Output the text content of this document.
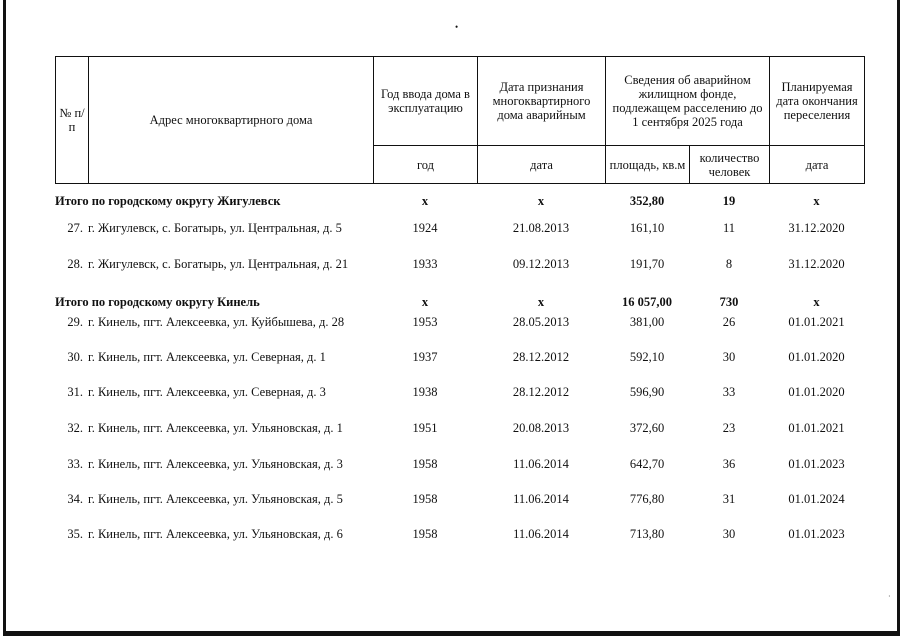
•
·
№ п/п	Адрес многоквартирного дома	Год ввода дома в эксплуатацию	Дата признания многоквартирного дома аварийным	Сведения об аварийном жилищном фонде, подлежащем расселению до 1 сентября 2025 года		Планируемая дата окончания переселения
		год	дата	площадь, кв.м	количество человек	дата
Итого по городскому округу Жигулевск	х	х	352,80	19	х
27. г. Жигулевск, с. Богатырь, ул. Центральная, д. 5	1924	21.08.2013	161,10	11	31.12.2020
28. г. Жигулевск, с. Богатырь, ул. Центральная, д. 21	1933	09.12.2013	191,70	8	31.12.2020
Итого по городскому округу Кинель	х	х	16 057,00	730	х
29. г. Кинель, пгт. Алексеевка, ул. Куйбышева, д. 28	1953	28.05.2013	381,00	26	01.01.2021
30. г. Кинель, пгт. Алексеевка, ул. Северная, д. 1	1937	28.12.2012	592,10	30	01.01.2020
31. г. Кинель, пгт. Алексеевка, ул. Северная, д. 3	1938	28.12.2012	596,90	33	01.01.2020
32. г. Кинель, пгт. Алексеевка, ул. Ульяновская, д. 1	1951	20.08.2013	372,60	23	01.01.2021
33. г. Кинель, пгт. Алексеевка, ул. Ульяновская, д. 3	1958	11.06.2014	642,70	36	01.01.2023
34. г. Кинель, пгт. Алексеевка, ул. Ульяновская, д. 5	1958	11.06.2014	776,80	31	01.01.2024
35. г. Кинель, пгт. Алексеевка, ул. Ульяновская, д. 6	1958	11.06.2014	713,80	30	01.01.2023
